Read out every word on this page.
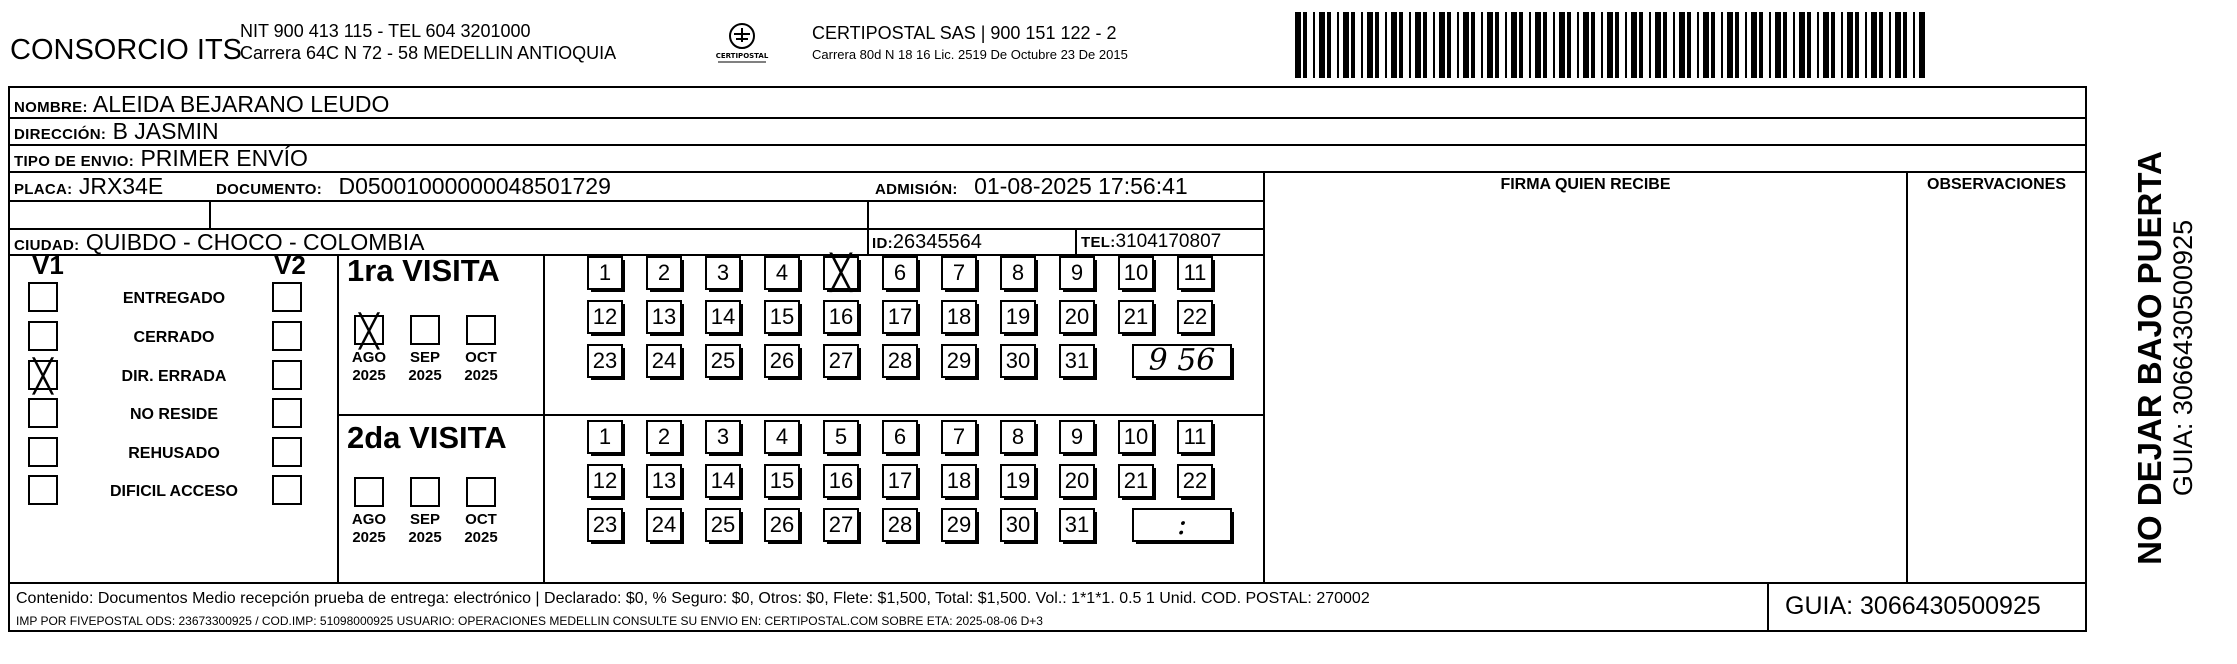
CONSORCIO ITS
NIT 900 413 115 - TEL 604 3201000
Carrera 64C N 72 - 58 MEDELLIN ANTIOQUIA	CERTIPOSTAL
CERTIPOSTAL SAS | 900 151 122 - 2
Carrera 80d N 18 16 Lic. 2519 De Octubre 23 De 2015
NOMBRE: ALEIDA BEJARANO LEUDO
DIRECCIÓN: B JASMIN
TIPO DE ENVIO: PRIMER ENVÍO
PLACA: JRX34E	DOCUMENTO: D05001000000048501729	ADMISIÓN: 01-08-2025 17:56:41
CIUDAD: QUIBDO - CHOCO - COLOMBIA	ID:26345564	TEL:3104170807
FIRMA QUIEN RECIBE	OBSERVACIONES
V1	V2
ENTREGADO
CERRADO
╳	DIR. ERRADA
NO RESIDE
REHUSADO
DIFICIL ACCESO
1ra VISITA
╳
AGO
2025
SEP
2025
OCT
2025
1	2	3	4	╳	6	7	8	9	10 11
12 13 14 15 16 17 18 19 20 21 22
23 24 25 26 27 28 29 30 31	9 56
2da VISITA
AGO
2025
SEP
2025
OCT
2025
1	2	3	4	5	6	7	8	9	10 11
12 13 14 15 16 17 18 19 20 21 22
23 24 25 26 27 28 29 30 31	:
Contenido: Documentos Medio recepción prueba de entrega: electrónico | Declarado: $0, % Seguro: $0, Otros: $0, Flete: $1,500, Total: $1,500. Vol.: 1*1*1. 0.5 1 Unid. COD. POSTAL: 270002
IMP POR FIVEPOSTAL ODS: 23673300925 / COD.IMP: 51098000925 USUARIO: OPERACIONES MEDELLIN CONSULTE SU ENVIO EN: CERTIPOSTAL.COM SOBRE ETA: 2025-08-06 D+3
GUIA: 3066430500925
NO DEJAR BAJO PUERTA GUIA: 3066430500925
